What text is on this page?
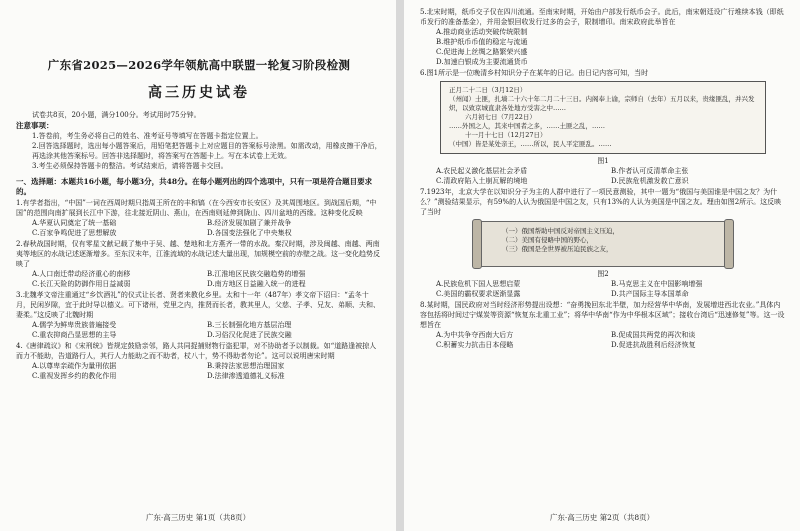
广东省2025—2026学年领航高中联盟一轮复习阶段检测
高三历史试卷
试卷共8页，20小题，满分100分。考试用时75分钟。
注意事项：
1.答卷前，考生务必将自己的姓名、准考证号等填写在答题卡指定位置上。
2.回答选择题时，选出每小题答案后，用铅笔把答题卡上对应题目的答案标号涂黑。如需改动，用橡皮擦干净后，再选涂其他答案标号。回答非选择题时，将答案写在答题卡上。写在本试卷上无效。
3.考生必须保持答题卡的整洁。考试结束后，请将答题卡交回。
一、选择题：本题共16小题，每小题3分，共48分。在每小题列出的四个选项中，只有一项是符合题目要求的。
1.有学者指出，“中国”一词在西周时期只指周王所在的丰和镐（在今西安市长安区）及其周围地区。到战国后期，“中国”的范围向南扩展到长江中下游，往北接近阴山、燕山，在西南则延伸到陇山、四川盆地的西缘。这种变化反映
A.华夏认同奠定了统一基础	B.经济发展加剧了兼并战争
C.百家争鸣促进了思想解放	D.各国变法强化了中央集权
2.春秋战国时期，仅有零星文献记载了集中于吴、越、楚地和北方燕齐一带的水战。秦汉时期，涉及闽越、南越、两南夷等地区的水战记述逐渐增多。至东汉末年，江淮流域的水战记述大量出现，加规模空前的赤壁之战。这一变化趋势反映了
A.人口南迁带动经济重心的南移	B.江淮地区民族交融趋势的增强
C.长江天险的防御作用日益减弱	D.南方地区日益融入统一的进程
3.北魏孝文帝注重通过“乡饮酒礼”的仪式让长者、贤者来教化乡里。太和十一年（487年）孝文帝下诏曰：“孟冬十月，民闲岁隙，宜于此时导以德义。可下诸州，党里之内，推贤而长者，教其里人，父慈、子孝、兄友、弟顺、夫和、妻柔。”这反映了北魏时期
A.儒学为鲜卑贵族普遍接受	B.三长制强化地方基层治理
C.重农抑商凸显思想的主导	D.习俗汉化促进了民族交融
4.《唐律疏议》和《宋刑统》皆规定鼓励亲邻，路人共同捉捕财物行盗犯罪，对不协助者予以制裁。如“道路逢被掠人而力不能助，告道路行人，其行人力能助之而不助者，杖八十，势不得助者勿论”。这可以说明唐宋时期
A.以尊卑亲疏作为量刑依据	B.秉持法家思想治理国家
C.重视发挥乡约的教化作用	D.法律渗透道德礼义标准
广东·高三历史 第1页（共8页）
5.北宋时期，纸币交子仅在四川流通。至南宋时期，开始由户部发行纸币会子。此后，南宋朝廷设广行堆续本钱（即纸币发行的准备基金），并用金银回收发行过多的会子，限制增印。南宋政府此举旨在
A.推动商业活动突破传统限制
B.维护纸币币值的稳定与流通
C.促进海上丝绸之路繁荣兴盛
D.加速白银成为主要流通货币
6.图1所示是一位晚清乡村知识分子在某年的日记。由日记内容可知，当时
正月二十二日（3月12日）
（州闻）土匪，扎墙二十六十年二月二十三日。内阁奉上谕，宗师自（去年）五月以来，贵缘匪乱，并兴发炽，以致京城直隶各处地方受害之中……
六月初七日（7月22日）
……外国之人，其来中国者之多，……土匪之乱，……
十一月十七日（12月27日）
（中国）皆是某处亲王，……所以，民人平定匪乱。……
图1
A.农民起义激化基层社会矛盾	B.作者认可反清革命主张
C.清政府陷入土崩瓦解的境地	D.民族危机激发救亡意识
7.1923年，北京大学在以知识分子为主的人群中进行了一项民意测验，其中一题为“俄国与美国谁是中国之友？为什么？”测验结果显示，有59%的人认为俄国是中国之友，只有13%的人认为美国是中国之友。理由如图2所示。这反映了当时
（一）俄国帮助中国反对帝国主义压迫，
（二）美国有侵略中国的野心，
（三）俄国是全世界被压迫民族之友，
图2
A.民族危机下国人思想启蒙	B.马克思主义在中国影响增强
C.美国的霸权要求逐渐显露	D.共产国际主导本国革命
8.某时期，国民政府对当时经济形势提出设想：“奋勇挽回东北半壁，加力经营华中华南，发展增进西北农业。”具体内容包括将时间过宁煤炭等资源“恢复东北重工业”；将华中华南“作为中华根本区域”；接收台湾后“迅速修复”等。这一设想旨在
A.为中共争夺西南大后方	B.促成国共两党的再次和谈
C.积蓄实力抗击日本侵略	D.促进抗战胜利后经济恢复
广东·高三历史 第2页（共8页）
